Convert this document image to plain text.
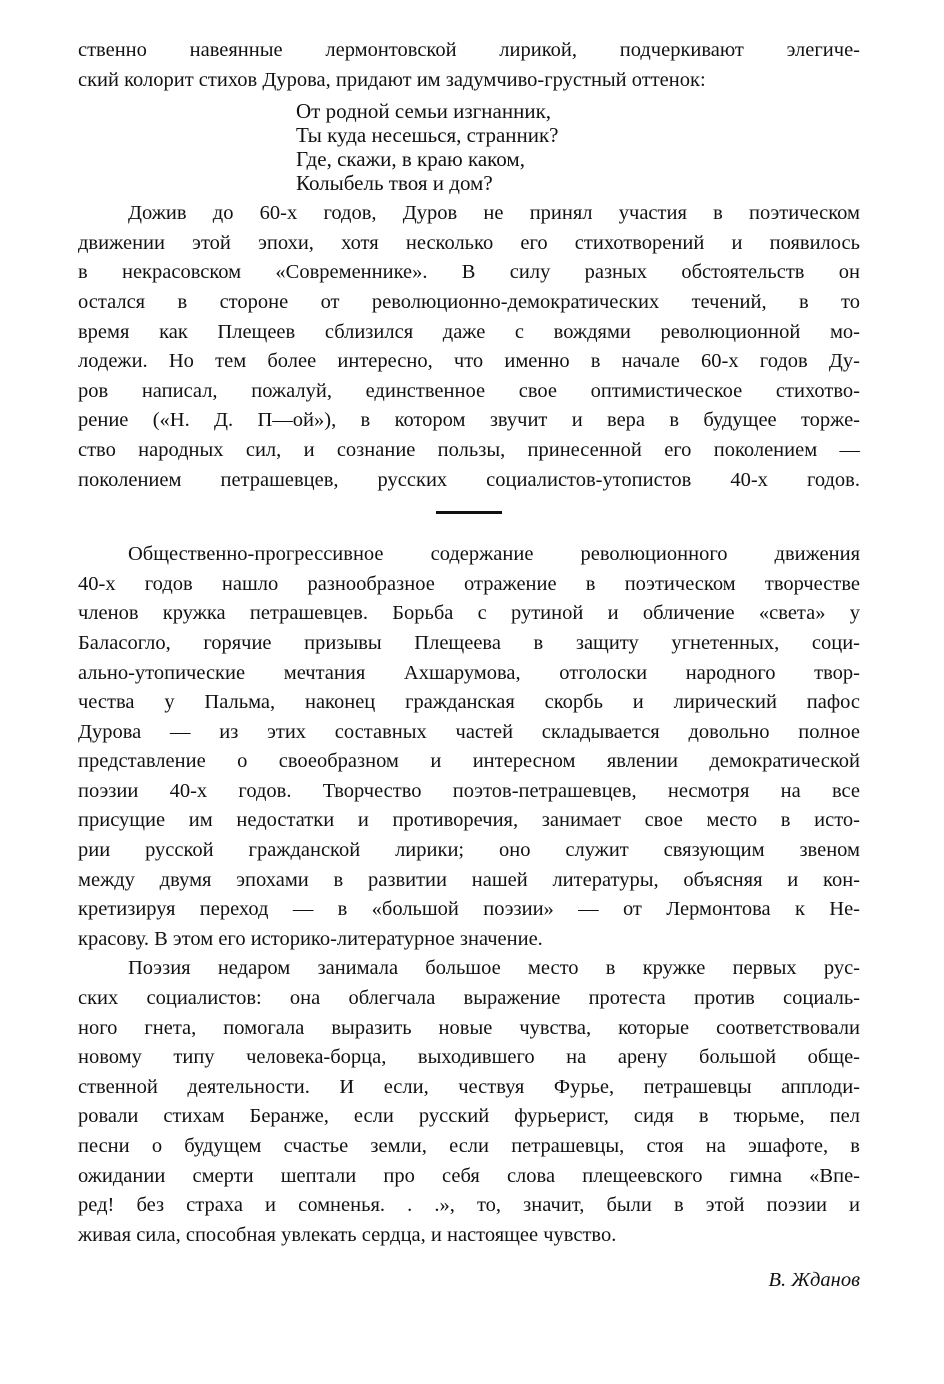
ственно навеянные лермонтовской лирикой, подчеркивают элегиче-
ский колорит стихов Дурова, придают им задумчиво-грустный оттенок:
От родной семьи изгнанник,
Ты куда несешься, странник?
Где, скажи, в краю каком,
Колыбель твоя и дом?
Дожив до 60-х годов, Дуров не принял участия в поэтическом
движении этой эпохи, хотя несколько его стихотворений и появилось
в некрасовском «Современнике». В силу разных обстоятельств он
остался в стороне от революционно-демократических течений, в то
время как Плещеев сблизился даже с вождями революционной мо-
лодежи. Но тем более интересно, что именно в начале 60-х годов Ду-
ров написал, пожалуй, единственное свое оптимистическое стихотво-
рение («Н. Д. П—ой»), в котором звучит и вера в будущее торже-
ство народных сил, и сознание пользы, принесенной его поколением —
поколением петрашевцев, русских социалистов-утопистов 40-х годов.
Общественно-прогрессивное содержание революционного движения
40-х годов нашло разнообразное отражение в поэтическом творчестве
членов кружка петрашевцев. Борьба с рутиной и обличение «света» у
Баласогло, горячие призывы Плещеева в защиту угнетенных, соци-
ально-утопические мечтания Ахшарумова, отголоски народного твор-
чества у Пальма, наконец гражданская скорбь и лирический пафос
Дурова — из этих составных частей складывается довольно полное
представление о своеобразном и интересном явлении демократической
поэзии 40-х годов. Творчество поэтов-петрашевцев, несмотря на все
присущие им недостатки и противоречия, занимает свое место в исто-
рии русской гражданской лирики; оно служит связующим звеном
между двумя эпохами в развитии нашей литературы, объясняя и кон-
кретизируя переход — в «большой поэзии» — от Лермонтова к Не-
красову. В этом его историко-литературное значение.
Поэзия недаром занимала большое место в кружке первых рус-
ских социалистов: она облегчала выражение протеста против социаль-
ного гнета, помогала выразить новые чувства, которые соответствовали
новому типу человека-борца, выходившего на арену большой обще-
ственной деятельности. И если, чествуя Фурье, петрашевцы апплоди-
ровали стихам Беранже, если русский фурьерист, сидя в тюрьме, пел
песни о будущем счастье земли, если петрашевцы, стоя на эшафоте, в
ожидании смерти шептали про себя слова плещеевского гимна «Впе-
ред! без страха и сомненья. . .», то, значит, были в этой поэзии и
живая сила, способная увлекать сердца, и настоящее чувство.
В. Жданов
